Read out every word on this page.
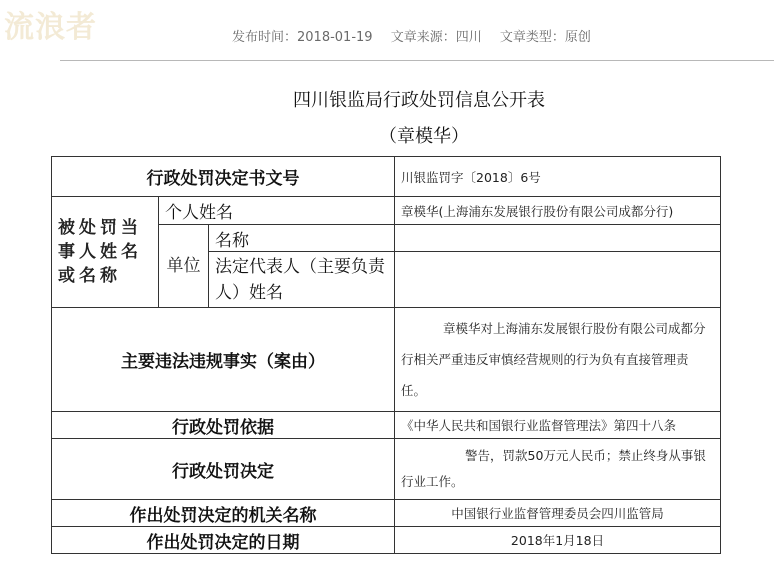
流浪者	发布时间：2018-01-19 文章来源：四川 文章类型：原创
四川银监局行政处罚信息公开表
（章模华）
行政处罚决定书文号			川银监罚字〔2018〕6号
被处罚当事人姓名或名称	个人姓名		章模华(上海浦东发展银行股份有限公司成都分行)
	单位	名称	
		法定代表人（主要负责人）姓名	
主要违法违规事实（案由）			章模华对上海浦东发展银行股份有限公司成都分行相关严重违反审慎经营规则的行为负有直接管理责任。
行政处罚依据			《中华人民共和国银行业监督管理法》第四十八条
行政处罚决定			警告，罚款50万元人民币；禁止终身从事银行业工作。
作出处罚决定的机关名称			中国银行业监督管理委员会四川监管局
作出处罚决定的日期			2018年1月18日
